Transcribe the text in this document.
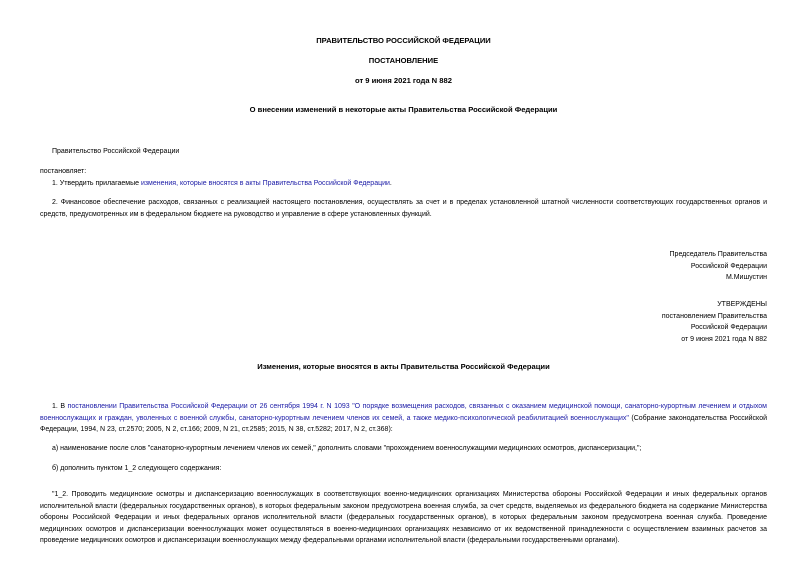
ПРАВИТЕЛЬСТВО РОССИЙСКОЙ ФЕДЕРАЦИИ
ПОСТАНОВЛЕНИЕ
от 9 июня 2021 года N 882
О внесении изменений в некоторые акты Правительства Российской Федерации
Правительство Российской Федерации
постановляет:
1. Утвердить прилагаемые изменения, которые вносятся в акты Правительства Российской Федерации.
2. Финансовое обеспечение расходов, связанных с реализацией настоящего постановления, осуществлять за счет и в пределах установленной штатной численности соответствующих государственных органов и средств, предусмотренных им в федеральном бюджете на руководство и управление в сфере установленных функций.
Председатель Правительства
Российской Федерации
М.Мишустин
УТВЕРЖДЕНЫ
постановлением Правительства
Российской Федерации
от 9 июня 2021 года N 882
Изменения, которые вносятся в акты Правительства Российской Федерации
1. В постановлении Правительства Российской Федерации от 26 сентября 1994 г. N 1093 "О порядке возмещения расходов, связанных с оказанием медицинской помощи, санаторно-курортным лечением и отдыхом военнослужащих и граждан, уволенных с военной службы, санаторно-курортным лечением членов их семей, а также медико-психологической реабилитацией военнослужащих" (Собрание законодательства Российской Федерации, 1994, N 23, ст.2570; 2005, N 2, ст.166; 2009, N 21, ст.2585; 2015, N 38, ст.5282; 2017, N 2, ст.368):
а) наименование после слов "санаторно-курортным лечением членов их семей," дополнить словами "прохождением военнослужащими медицинских осмотров, диспансеризации,";
б) дополнить пунктом 1_2 следующего содержания:
"1_2. Проводить медицинские осмотры и диспансеризацию военнослужащих в соответствующих военно-медицинских организациях Министерства обороны Российской Федерации и иных федеральных органов исполнительной власти (федеральных государственных органов), в которых федеральным законом предусмотрена военная служба, за счет средств, выделяемых из федерального бюджета на содержание Министерства обороны Российской Федерации и иных федеральных органов исполнительной власти (федеральных государственных органов), в которых федеральным законом предусмотрена военная служба. Проведение медицинских осмотров и диспансеризации военнослужащих может осуществляться в военно-медицинских организациях независимо от их ведомственной принадлежности с осуществлением взаимных расчетов за проведение медицинских осмотров и диспансеризации военнослужащих между федеральными органами исполнительной власти (федеральными государственными органами).
